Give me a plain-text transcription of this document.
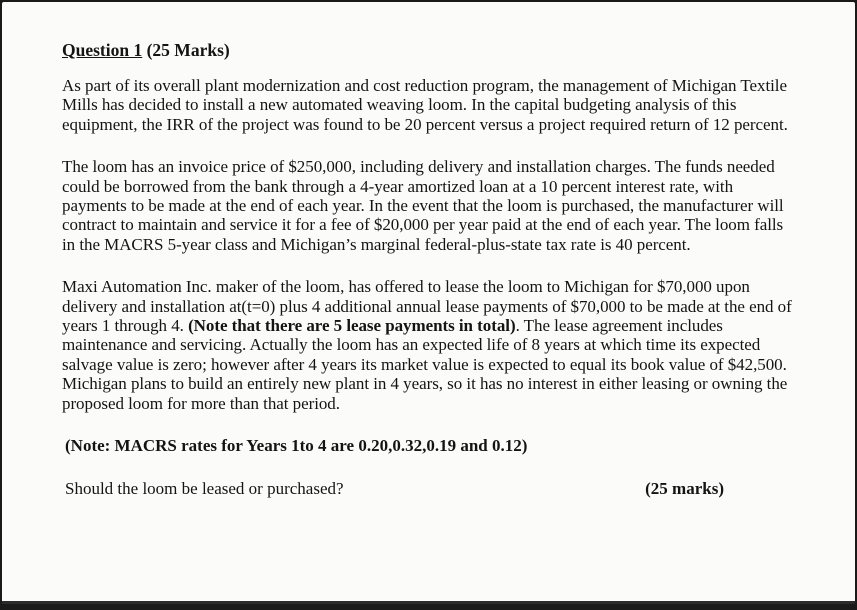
Question 1 (25 Marks)

As part of its overall plant modernization and cost reduction program, the management of Michigan Textile Mills has decided to install a new automated weaving loom. In the capital budgeting analysis of this equipment, the IRR of the project was found to be 20 percent versus a project required return of 12 percent.

The loom has an invoice price of $250,000, including delivery and installation charges. The funds needed could be borrowed from the bank through a 4-year amortized loan at a 10 percent interest rate, with payments to be made at the end of each year. In the event that the loom is purchased, the manufacturer will contract to maintain and service it for a fee of $20,000 per year paid at the end of each year. The loom falls in the MACRS 5-year class and Michigan’s marginal federal-plus-state tax rate is 40 percent.

Maxi Automation Inc. maker of the loom, has offered to lease the loom to Michigan for $70,000 upon delivery and installation at(t=0) plus 4 additional annual lease payments of $70,000 to be made at the end of years 1 through 4. (Note that there are 5 lease payments in total). The lease agreement includes maintenance and servicing. Actually the loom has an expected life of 8 years at which time its expected salvage value is zero; however after 4 years its market value is expected to equal its book value of $42,500. Michigan plans to build an entirely new plant in 4 years, so it has no interest in either leasing or owning the proposed loom for more than that period.

(Note: MACRS rates for Years 1to 4 are 0.20,0.32,0.19 and 0.12)
Should the loom be leased or purchased?	(25 marks)
